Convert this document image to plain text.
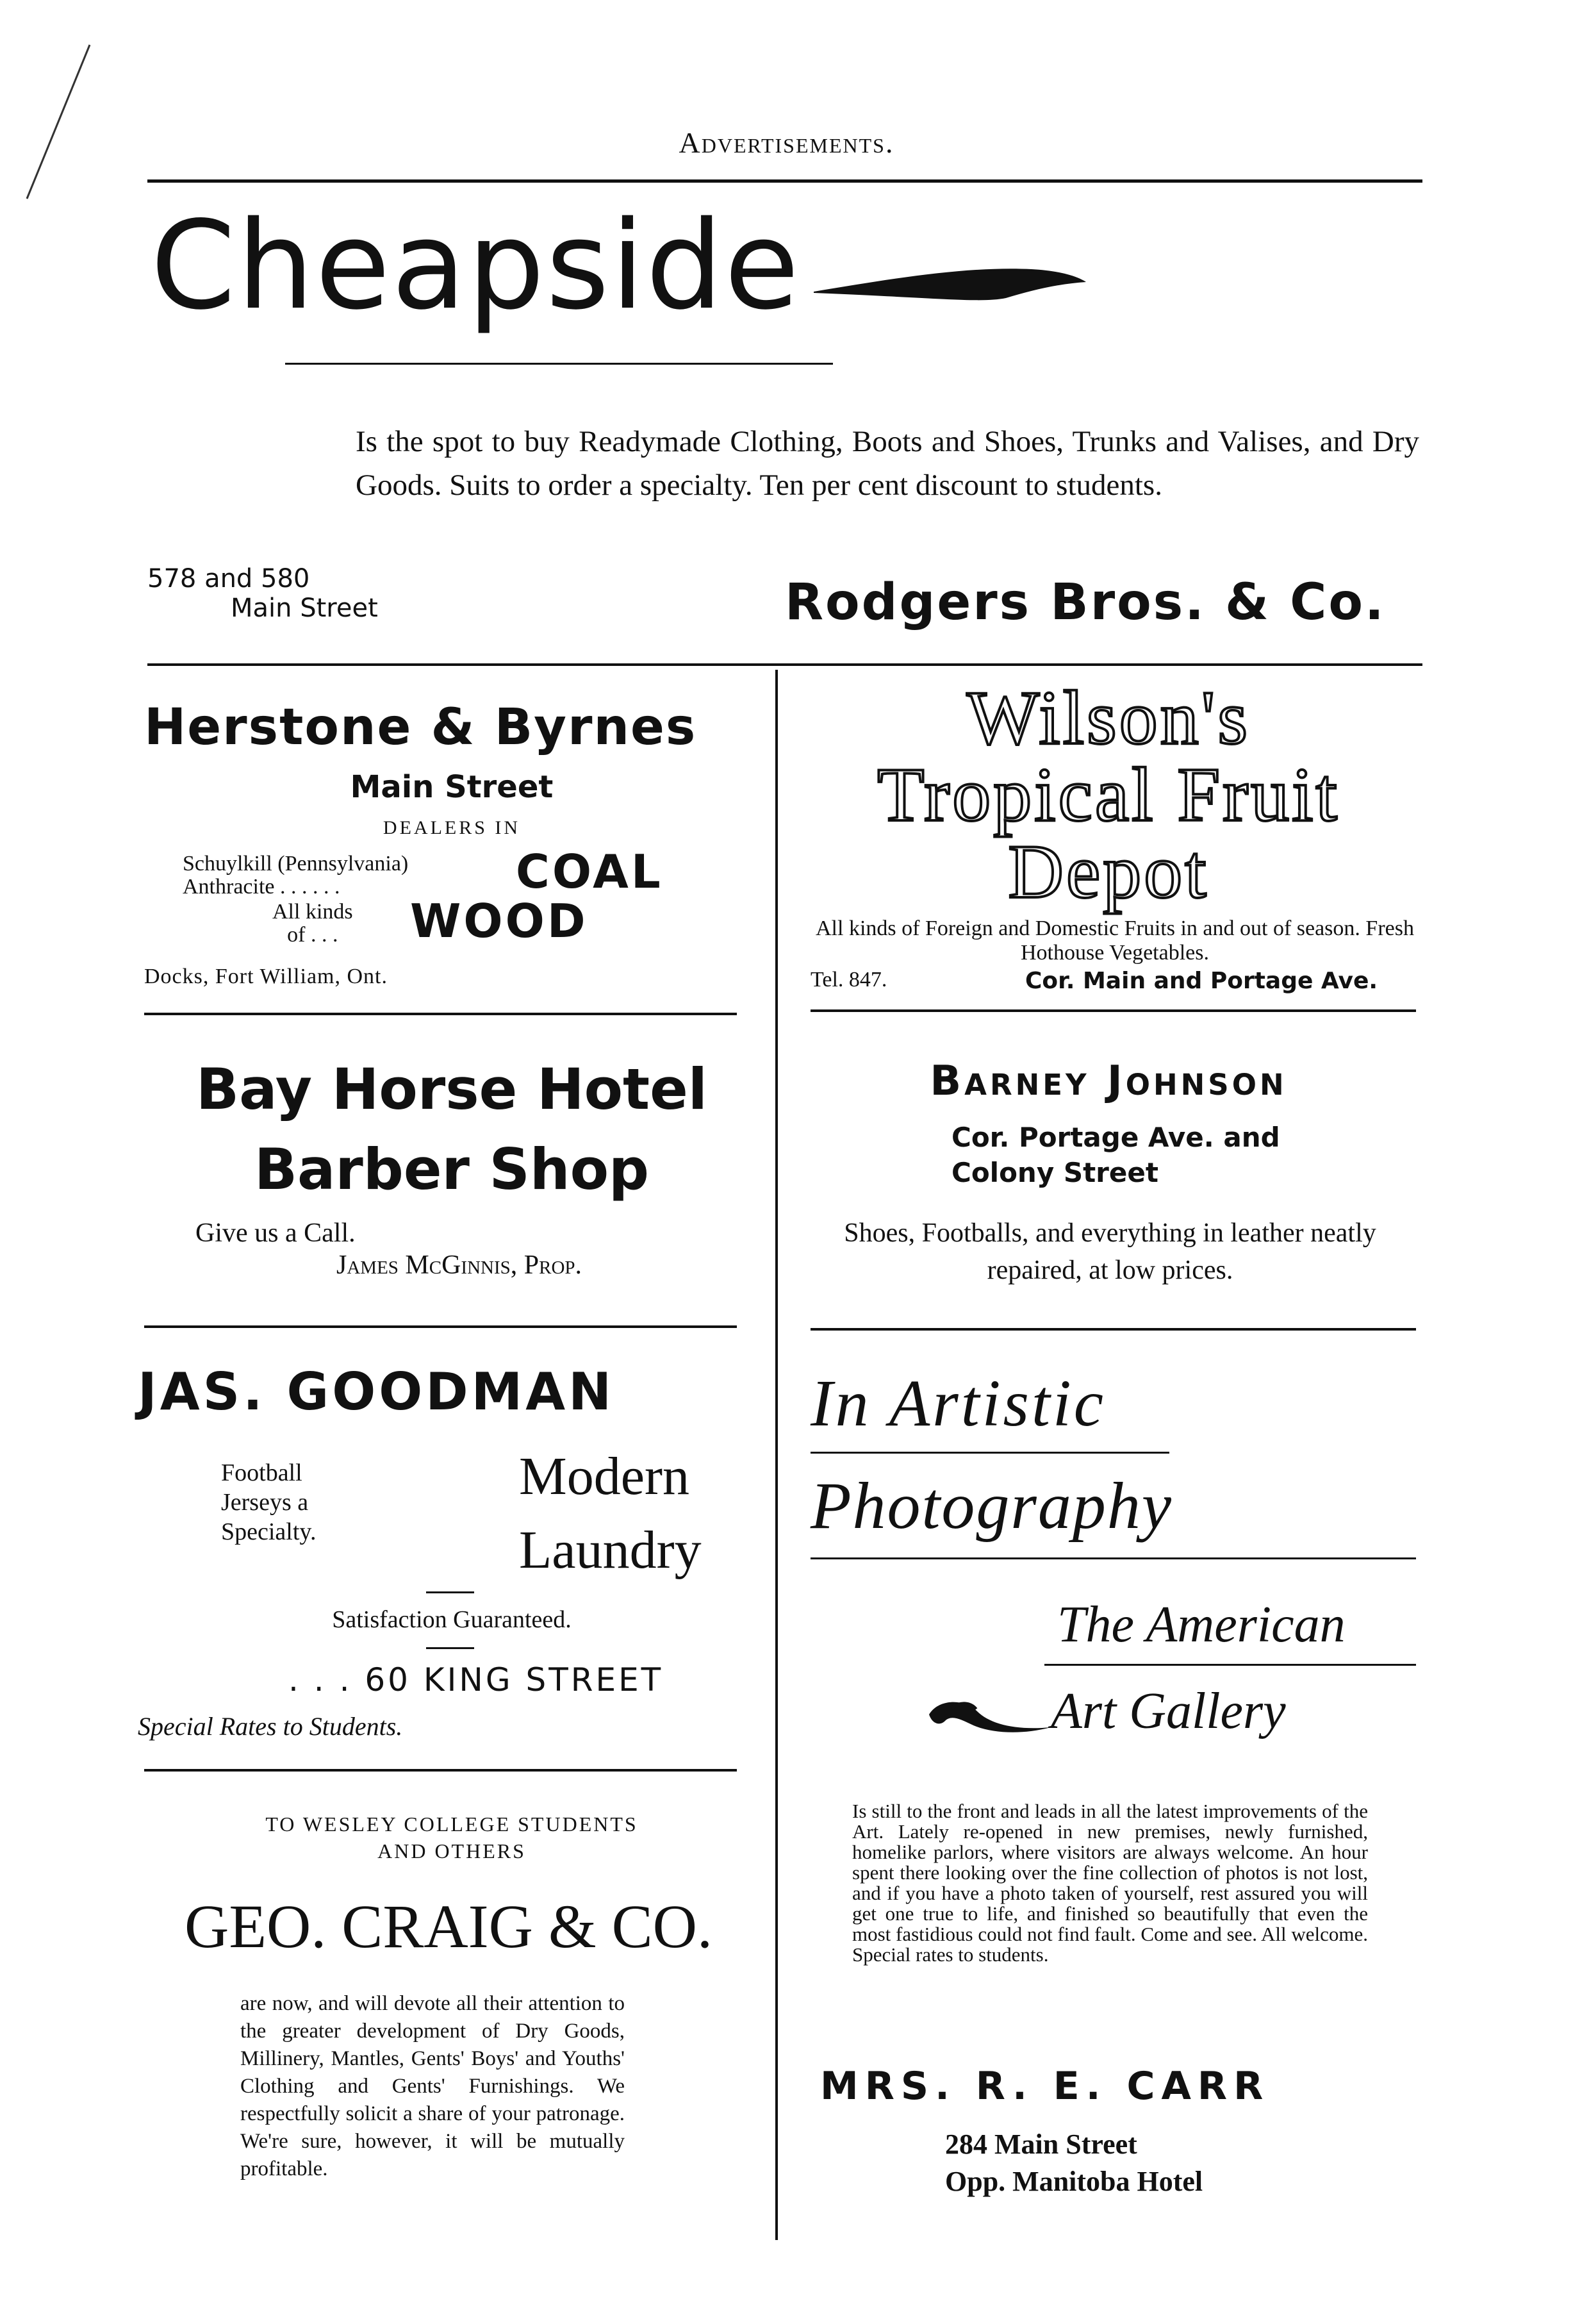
Advertisements.
Cheapside
Is the spot to buy Readymade Clothing, Boots and Shoes, Trunks and Valises, and Dry Goods. Suits to order a specialty. Ten per cent discount to students.
578 and 580
Main Street	Rodgers Bros. & Co.
Herstone & Byrnes
Main Street
DEALERS IN
Schuylkill (Pennsylvania)
Anthracite . . . . . .	COAL
All kinds
of . . .	WOOD
Docks, Fort William, Ont.
Wilson's
Tropical Fruit
Depot
All kinds of Foreign and Domestic Fruits in and out of season. Fresh Hothouse Vegetables.
Tel. 847.	Cor. Main and Portage Ave.
Bay Horse Hotel
Barber Shop
Give us a Call.
James McGinnis, Prop.
Barney Johnson
Cor. Portage Ave. and
Colony Street
Shoes, Footballs, and everything in leather neatly repaired, at low prices.
JAS. GOODMAN
Football
Jerseys a
Specialty.
Modern
Laundry
Satisfaction Guaranteed.
. . . 60 KING STREET
Special Rates to Students.
In Artistic
Photography
The American
Art Gallery
Is still to the front and leads in all the latest improvements of the Art. Lately re-opened in new premises, newly furnished, homelike parlors, where visitors are always welcome. An hour spent there looking over the fine collection of photos is not lost, and if you have a photo taken of yourself, rest assured you will get one true to life, and finished so beautifully that even the most fastidious could not find fault. Come and see. All welcome. Special rates to students.
MRS. R. E. CARR
284 Main Street
Opp. Manitoba Hotel
TO WESLEY COLLEGE STUDENTS
AND OTHERS
GEO. CRAIG & CO.
are now, and will devote all their attention to the greater development of Dry Goods, Millinery, Mantles, Gents' Boys' and Youths' Clothing and Gents' Furnishings. We respectfully solicit a share of your patronage. We're sure, however, it will be mutually profitable.
